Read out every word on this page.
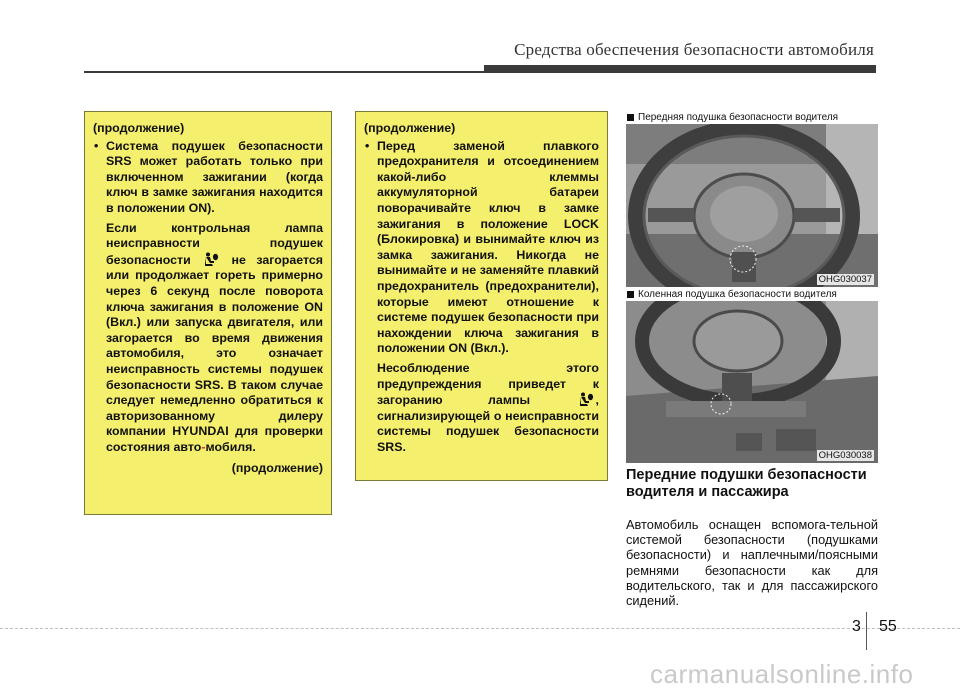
Средства обеспечения безопасности автомобиля
(продолжение)
• Система подушек безопасности SRS может работать только при включенном зажигании (когда ключ в замке зажигания находится в положении ON).

Если контрольная лампа неисправности подушек безопасности	не загорается или продолжает гореть примерно через 6 секунд после поворота ключа зажигания в положение ON (Вкл.) или запуска двигателя, или загорается во время движения автомобиля, это означает неисправность системы подушек безопасности SRS. В таком случае следует немедленно обратиться к авторизованному дилеру компании HYUNDAI для проверки состояния авто-мобиля.

(продолжение)
(продолжение)
• Перед заменой плавкого предохранителя и отсоединением какой-либо клеммы аккумуляторной батареи поворачивайте ключ в замке зажигания в положение LOCK (Блокировка) и вынимайте ключ из замка зажигания. Никогда не вынимайте и не заменяйте плавкий предохранитель (предохранители), которые имеют отношение к системе подушек безопасности при нахождении ключа зажигания в положении ON (Вкл.).

Несоблюдение этого предупреждения приведет к загоранию лампы	, сигнализирующей о неисправности системы подушек безопасности SRS.

Передняя подушка безопасности водителя
OHG030037
Коленная подушка безопасности водителя
OHG030038
Передние подушки безопасности водителя и пассажира
Автомобиль оснащен вспомога-тельной системой безопасности (подушками безопасности) и наплечными/поясными ремнями безопасности как для водительского, так и для пассажирского сидений.
3 55
carmanualsonline.info
